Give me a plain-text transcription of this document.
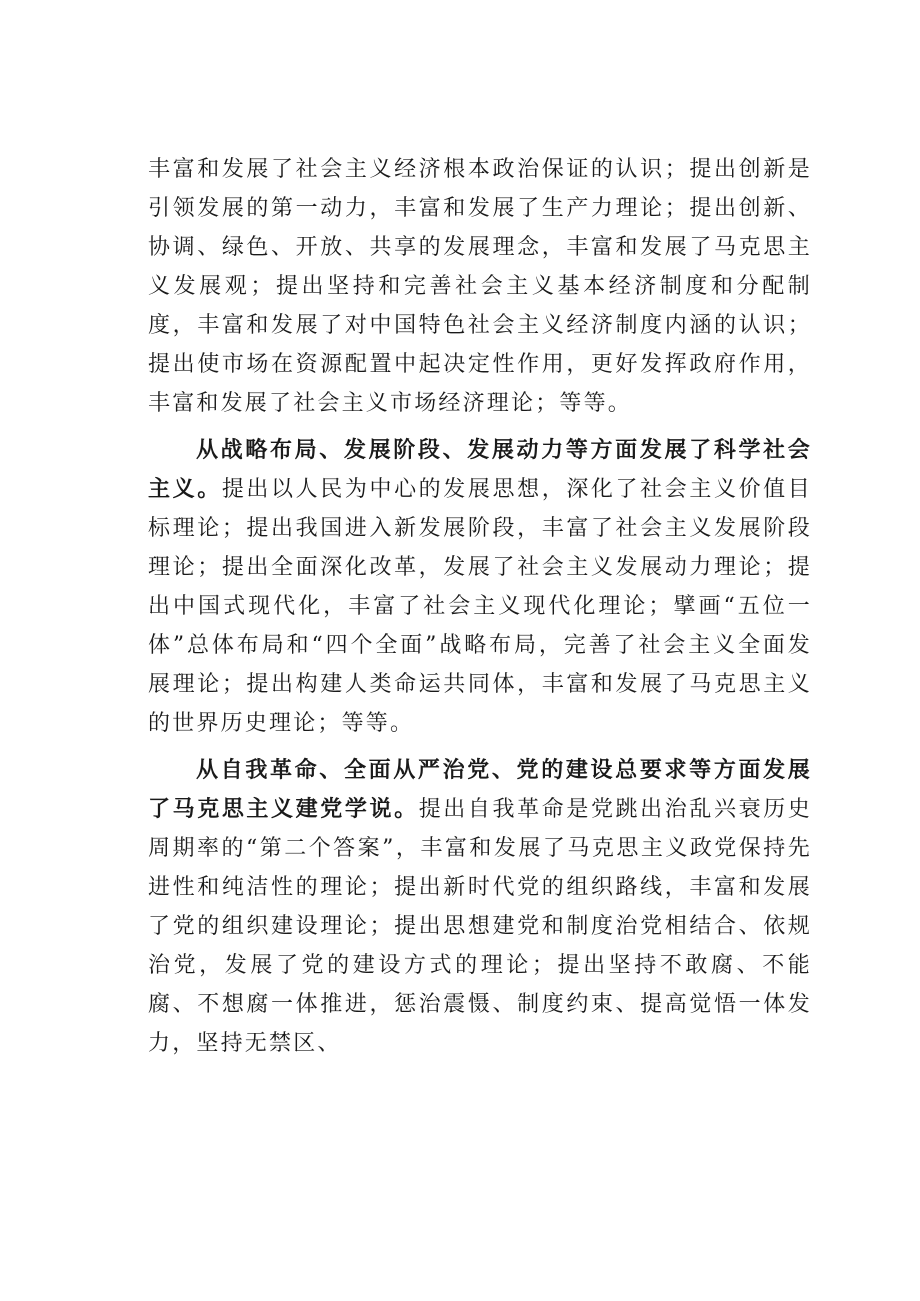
丰富和发展了社会主义经济根本政治保证的认识；提出创新是引领发展的第一动力，丰富和发展了生产力理论；提出创新、协调、绿色、开放、共享的发展理念，丰富和发展了马克思主义发展观；提出坚持和完善社会主义基本经济制度和分配制度，丰富和发展了对中国特色社会主义经济制度内涵的认识；提出使市场在资源配置中起决定性作用，更好发挥政府作用，丰富和发展了社会主义市场经济理论；等等。

从战略布局、发展阶段、发展动力等方面发展了科学社会主义。提出以人民为中心的发展思想，深化了社会主义价值目标理论；提出我国进入新发展阶段，丰富了社会主义发展阶段理论；提出全面深化改革，发展了社会主义发展动力理论；提出中国式现代化，丰富了社会主义现代化理论；擘画“五位一体”总体布局和“四个全面”战略布局，完善了社会主义全面发展理论；提出构建人类命运共同体，丰富和发展了马克思主义的世界历史理论；等等。

从自我革命、全面从严治党、党的建设总要求等方面发展了马克思主义建党学说。提出自我革命是党跳出治乱兴衰历史周期率的“第二个答案”，丰富和发展了马克思主义政党保持先进性和纯洁性的理论；提出新时代党的组织路线，丰富和发展了党的组织建设理论；提出思想建党和制度治党相结合、依规治党，发展了党的建设方式的理论；提出坚持不敢腐、不能腐、不想腐一体推进，惩治震慑、制度约束、提高觉悟一体发力，坚持无禁区、
